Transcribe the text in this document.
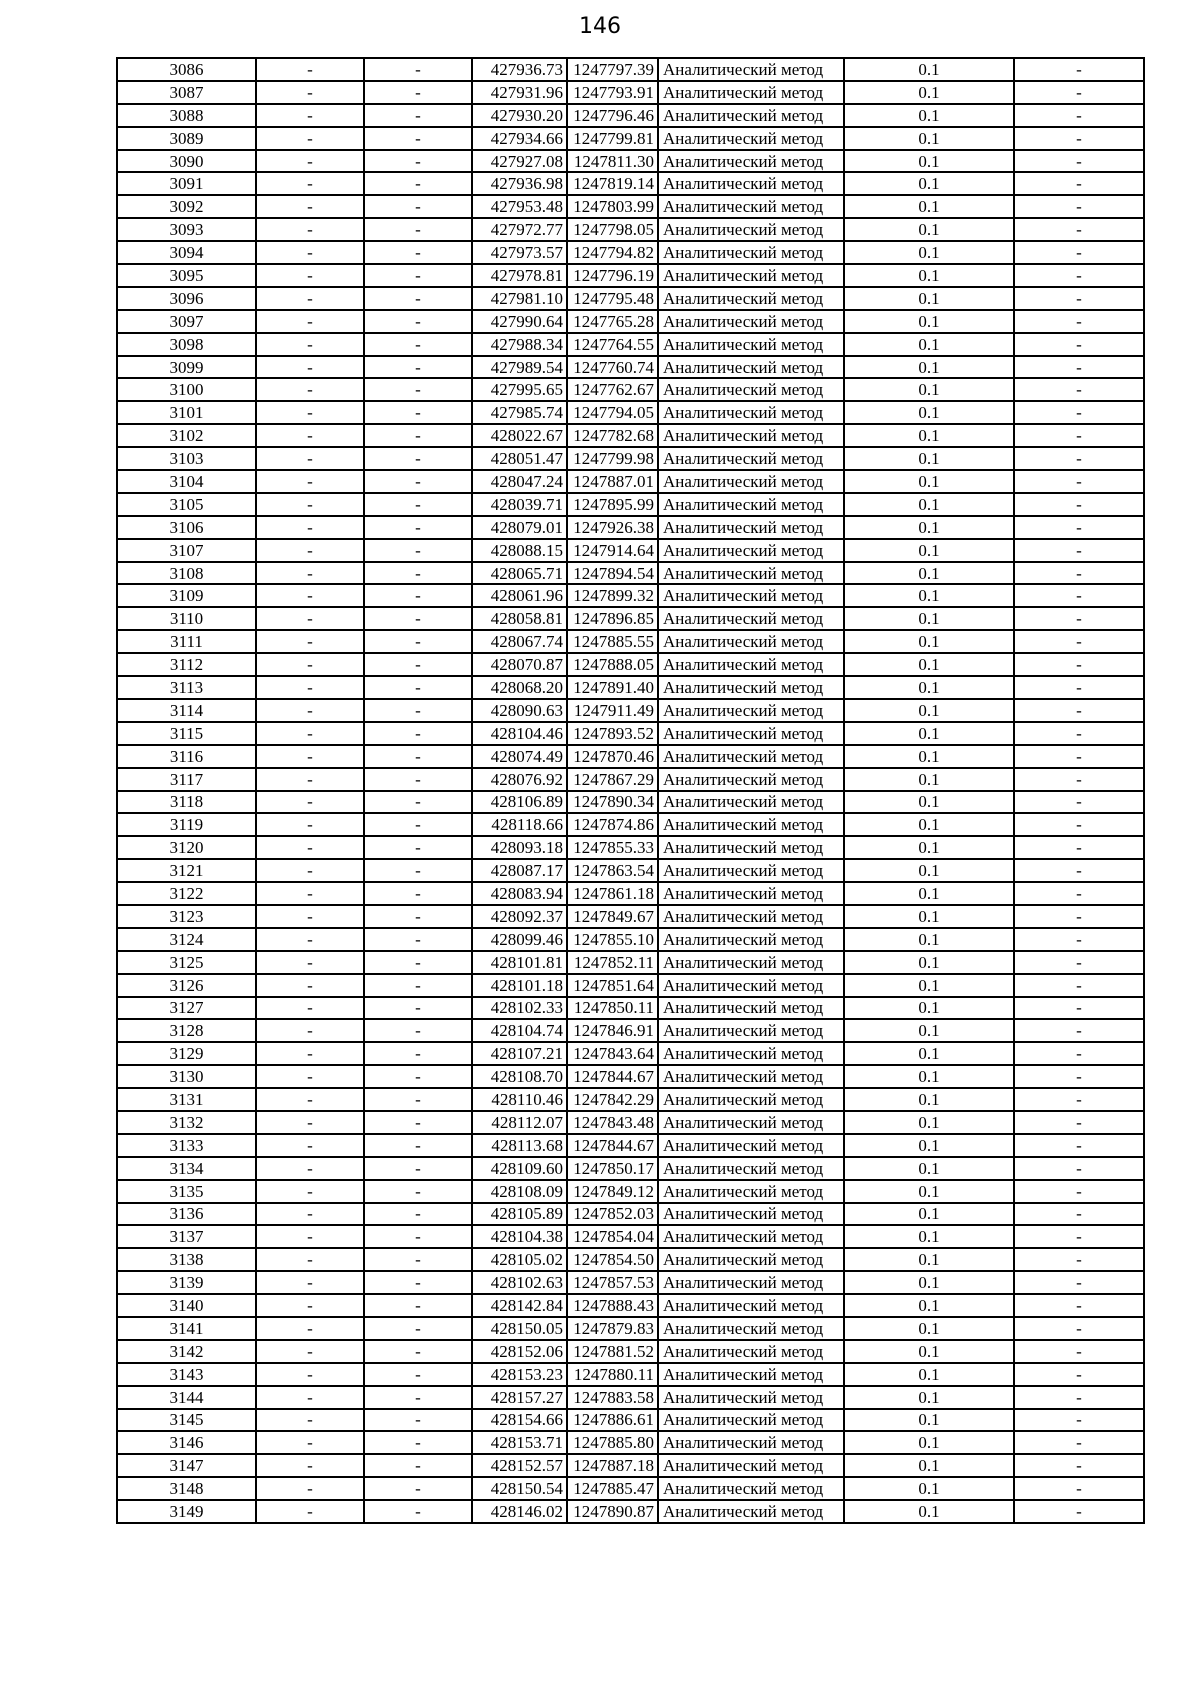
146
3086	-	-	427936.73	1247797.39	Аналитический метод	0.1	-
3087	-	-	427931.96	1247793.91	Аналитический метод	0.1	-
3088	-	-	427930.20	1247796.46	Аналитический метод	0.1	-
3089	-	-	427934.66	1247799.81	Аналитический метод	0.1	-
3090	-	-	427927.08	1247811.30	Аналитический метод	0.1	-
3091	-	-	427936.98	1247819.14	Аналитический метод	0.1	-
3092	-	-	427953.48	1247803.99	Аналитический метод	0.1	-
3093	-	-	427972.77	1247798.05	Аналитический метод	0.1	-
3094	-	-	427973.57	1247794.82	Аналитический метод	0.1	-
3095	-	-	427978.81	1247796.19	Аналитический метод	0.1	-
3096	-	-	427981.10	1247795.48	Аналитический метод	0.1	-
3097	-	-	427990.64	1247765.28	Аналитический метод	0.1	-
3098	-	-	427988.34	1247764.55	Аналитический метод	0.1	-
3099	-	-	427989.54	1247760.74	Аналитический метод	0.1	-
3100	-	-	427995.65	1247762.67	Аналитический метод	0.1	-
3101	-	-	427985.74	1247794.05	Аналитический метод	0.1	-
3102	-	-	428022.67	1247782.68	Аналитический метод	0.1	-
3103	-	-	428051.47	1247799.98	Аналитический метод	0.1	-
3104	-	-	428047.24	1247887.01	Аналитический метод	0.1	-
3105	-	-	428039.71	1247895.99	Аналитический метод	0.1	-
3106	-	-	428079.01	1247926.38	Аналитический метод	0.1	-
3107	-	-	428088.15	1247914.64	Аналитический метод	0.1	-
3108	-	-	428065.71	1247894.54	Аналитический метод	0.1	-
3109	-	-	428061.96	1247899.32	Аналитический метод	0.1	-
3110	-	-	428058.81	1247896.85	Аналитический метод	0.1	-
3111	-	-	428067.74	1247885.55	Аналитический метод	0.1	-
3112	-	-	428070.87	1247888.05	Аналитический метод	0.1	-
3113	-	-	428068.20	1247891.40	Аналитический метод	0.1	-
3114	-	-	428090.63	1247911.49	Аналитический метод	0.1	-
3115	-	-	428104.46	1247893.52	Аналитический метод	0.1	-
3116	-	-	428074.49	1247870.46	Аналитический метод	0.1	-
3117	-	-	428076.92	1247867.29	Аналитический метод	0.1	-
3118	-	-	428106.89	1247890.34	Аналитический метод	0.1	-
3119	-	-	428118.66	1247874.86	Аналитический метод	0.1	-
3120	-	-	428093.18	1247855.33	Аналитический метод	0.1	-
3121	-	-	428087.17	1247863.54	Аналитический метод	0.1	-
3122	-	-	428083.94	1247861.18	Аналитический метод	0.1	-
3123	-	-	428092.37	1247849.67	Аналитический метод	0.1	-
3124	-	-	428099.46	1247855.10	Аналитический метод	0.1	-
3125	-	-	428101.81	1247852.11	Аналитический метод	0.1	-
3126	-	-	428101.18	1247851.64	Аналитический метод	0.1	-
3127	-	-	428102.33	1247850.11	Аналитический метод	0.1	-
3128	-	-	428104.74	1247846.91	Аналитический метод	0.1	-
3129	-	-	428107.21	1247843.64	Аналитический метод	0.1	-
3130	-	-	428108.70	1247844.67	Аналитический метод	0.1	-
3131	-	-	428110.46	1247842.29	Аналитический метод	0.1	-
3132	-	-	428112.07	1247843.48	Аналитический метод	0.1	-
3133	-	-	428113.68	1247844.67	Аналитический метод	0.1	-
3134	-	-	428109.60	1247850.17	Аналитический метод	0.1	-
3135	-	-	428108.09	1247849.12	Аналитический метод	0.1	-
3136	-	-	428105.89	1247852.03	Аналитический метод	0.1	-
3137	-	-	428104.38	1247854.04	Аналитический метод	0.1	-
3138	-	-	428105.02	1247854.50	Аналитический метод	0.1	-
3139	-	-	428102.63	1247857.53	Аналитический метод	0.1	-
3140	-	-	428142.84	1247888.43	Аналитический метод	0.1	-
3141	-	-	428150.05	1247879.83	Аналитический метод	0.1	-
3142	-	-	428152.06	1247881.52	Аналитический метод	0.1	-
3143	-	-	428153.23	1247880.11	Аналитический метод	0.1	-
3144	-	-	428157.27	1247883.58	Аналитический метод	0.1	-
3145	-	-	428154.66	1247886.61	Аналитический метод	0.1	-
3146	-	-	428153.71	1247885.80	Аналитический метод	0.1	-
3147	-	-	428152.57	1247887.18	Аналитический метод	0.1	-
3148	-	-	428150.54	1247885.47	Аналитический метод	0.1	-
3149	-	-	428146.02	1247890.87	Аналитический метод	0.1	-
